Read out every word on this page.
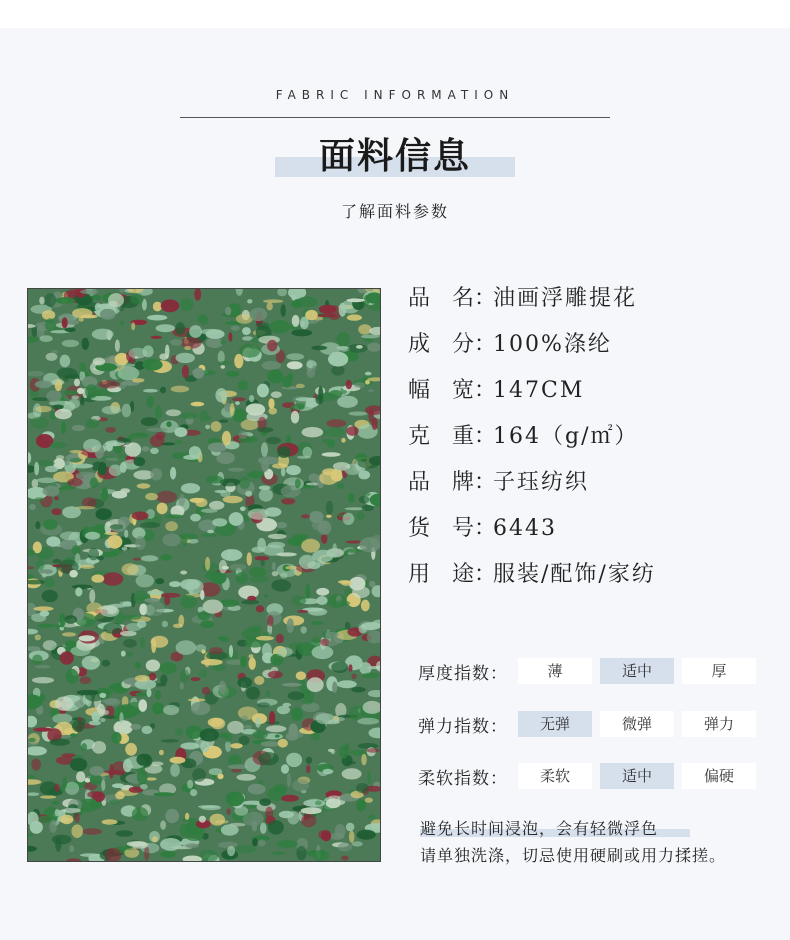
FABRIC INFORMATION
面料信息
了解面料参数
品　名：油画浮雕提花
成　分：100%涤纶
幅　宽：147CM
克　重：164（g/㎡）
品　牌：子珏纺织
货　号：6443
用　途：服装/配饰/家纺
厚度指数：	薄	适中	厚
弹力指数：	无弹	微弹	弹力
柔软指数：	柔软	适中	偏硬
避免长时间浸泡，会有轻微浮色
请单独洗涤，切忌使用硬刷或用力揉搓。
